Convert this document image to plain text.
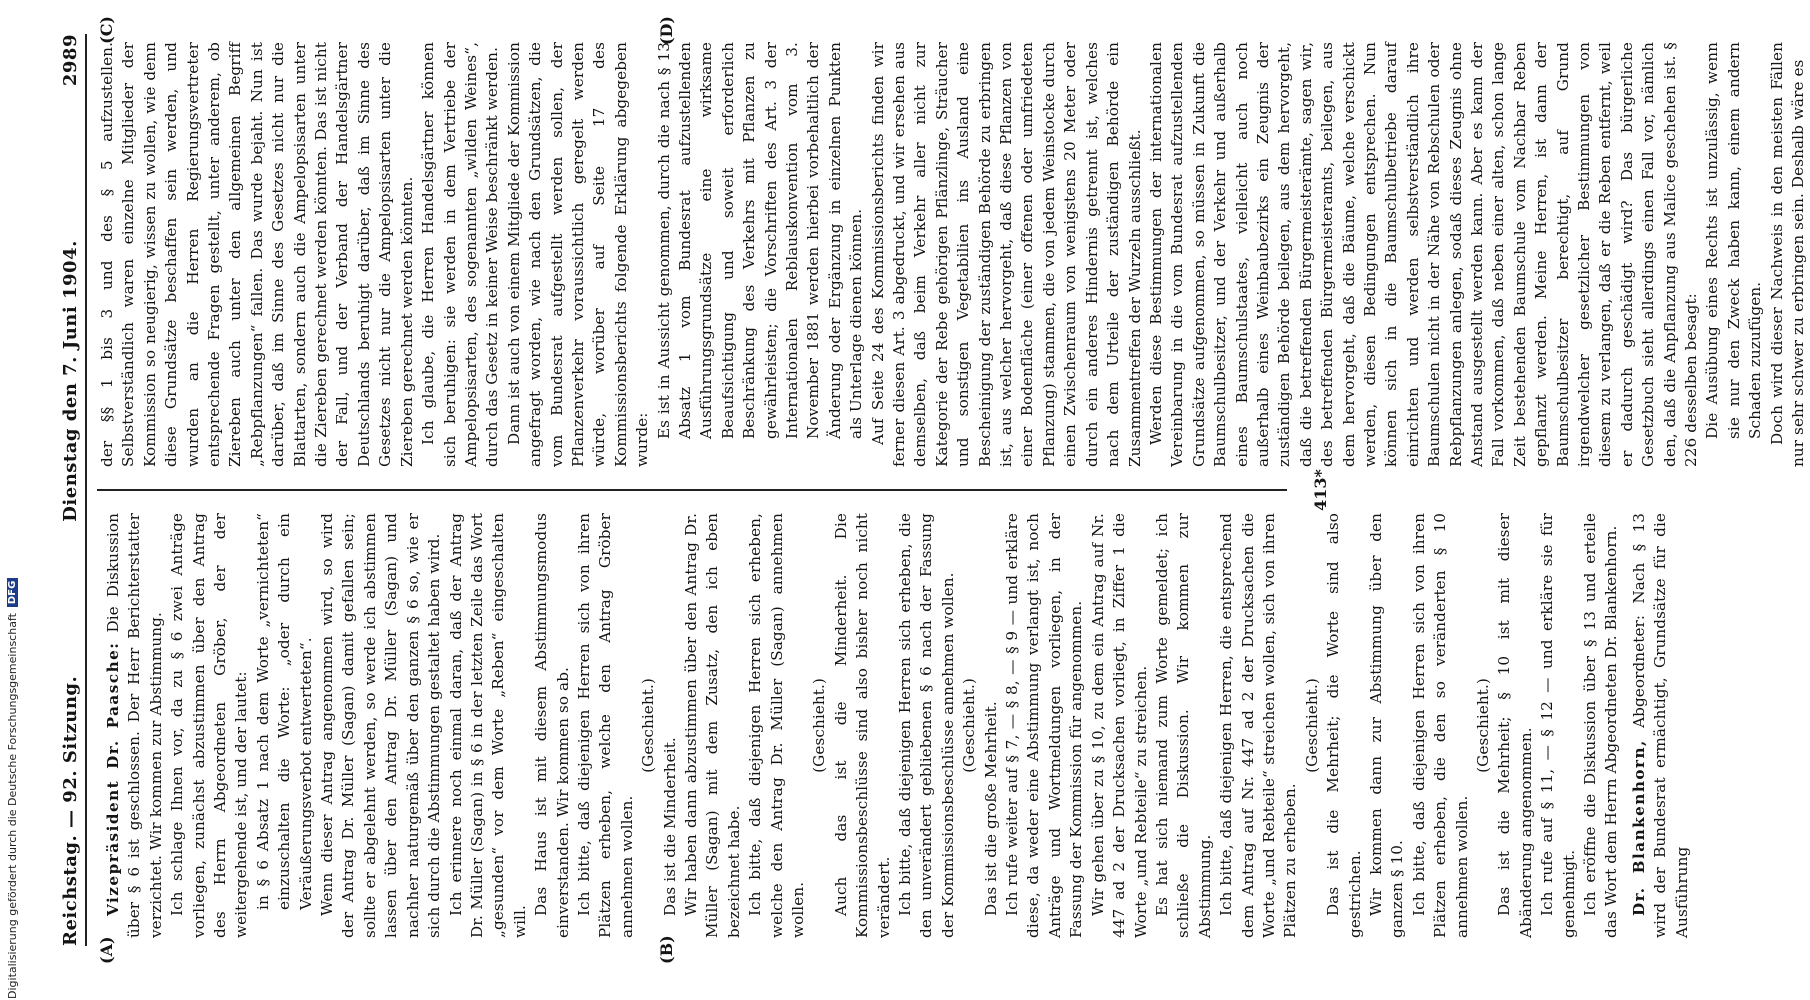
Reichstag. — 92. Sitzung.
Dienstag den 7. Juni 1904.
2989
(A)	(B)
(C)	(D)

Vizepräsident Dr. Paasche: Die Diskussion über § 6 ist geschlossen. Der Herr Berichterstatter verzichtet. Wir kommen zur Abstimmung. Ich schlage Ihnen vor, da zu § 6 zwei Anträge vorliegen, zunächst abzustimmen über den Antrag des Herrn Abgeordneten Gröber, der der weitergehende ist, und der lautet: in § 6 Absatz 1 nach dem Worte „vernichteten“ einzuschalten die Worte: „oder durch ein Veräußerungsverbot entwerteten“. Wenn dieser Antrag angenommen wird, so wird der Antrag Dr. Müller (Sagan) damit gefallen sein; sollte er abgelehnt werden, so werde ich abstimmen lassen über den Antrag Dr. Müller (Sagan) und nachher naturgemäß über den ganzen § 6 so, wie er sich durch die Abstimmungen gestaltet haben wird. Ich erinnere noch einmal daran, daß der Antrag Dr. Müller (Sagan) in § 6 in der letzten Zeile das Wort „gesunden“ vor dem Worte „Reben“ eingeschalten will.

Das Haus ist mit diesem Abstimmungsmodus einverstanden. Wir kommen so ab. Ich bitte, daß diejenigen Herren sich von ihren Plätzen erheben, welche den Antrag Gröber annehmen wollen.

(Geschieht.)

Das ist die Minderheit. Wir haben dann abzustimmen über den Antrag Dr. Müller (Sagan) mit dem Zusatz, den ich eben bezeichnet habe. Ich bitte, daß diejenigen Herren sich erheben, welche den Antrag Dr. Müller (Sagan) annehmen wollen.

(Geschieht.) Auch das ist die Minderheit. Die Kommissionsbeschlüsse sind also bisher noch nicht verändert. Ich bitte, daß diejenigen Herren sich erheben, die den unverändert gebliebenen § 6 nach der Fassung der Kommissionsbeschlüsse annehmen wollen. (Geschieht.) Das ist die große Mehrheit. Ich rufe weiter auf § 7, — § 8, — § 9 — und erkläre diese, da weder eine Abstimmung verlangt ist, noch Anträge und Wortmeldungen vorliegen, in der Fassung der Kommission für angenommen. Wir gehen über zu § 10, zu dem ein Antrag auf Nr. 447 ad 2 der Drucksachen vorliegt, in Ziffer 1 die Worte „und Rebteile“ zu streichen. Es hat sich niemand zum Worte gemeldet; ich schließe die Diskussion. Wir kommen zur Abstimmung. Ich bitte, daß diejenigen Herren, die entsprechend dem Antrag auf Nr. 447 ad 2 der Drucksachen die Worte „und Rebteile“ streichen wollen, sich von ihren Plätzen zu erheben.

(Geschieht.) Das ist die Mehrheit; die Worte sind also gestrichen. Wir kommen dann zur Abstimmung über den ganzen § 10. Ich bitte, daß diejenigen Herren sich von ihren Plätzen erheben, die den so veränderten § 10 annehmen wollen.

(Geschieht.) Das ist die Mehrheit; § 10 ist mit dieser Abänderung angenommen. Ich rufe auf § 11, — § 12 — und erkläre sie für genehmigt. Ich eröffne die Diskussion über § 13 und erteile das Wort dem Herrn Abgeordneten Dr. Blankenhorn. Dr. Blankenhorn, Abgeordneter: Nach § 13 wird der Bundesrat ermächtigt, Grundsätze für die Ausführung

der §§ 1 bis 3 und des § 5 aufzustellen. Selbstverständlich waren einzelne Mitglieder der Kommission so neugierig, wissen zu wollen, wie denn diese Grundsätze beschaffen sein werden, und wurden an die Herren Regierungsvertreter entsprechende Fragen gestellt, unter anderem, ob Ziereben auch unter den allgemeinen Begriff „Rebpflanzungen“ fallen. Das wurde bejaht. Nun ist darüber, daß im Sinne des Gesetzes nicht nur die Blattarten, sondern auch die Ampelopsisarten unter die Ziereben gerechnet werden könnten. Das ist nicht der Fall, und der Verband der Handelsgärtner Deutschlands beruhigt darüber, daß im Sinne des Gesetzes nicht nur die Ampelopsisarten unter die Ziereben gerechnet werden könnten. Ich glaube, die Herren Handelsgärtner können sich beruhigen: sie werden in dem Vertriebe der Ampelopsisarten, des sogenannten „wilden Weines“, durch das Gesetz in keiner Weise beschränkt werden. Dann ist auch von einem Mitgliede der Kommission angefragt worden, wie nach den Grundsätzen, die vom Bundesrat aufgestellt werden sollen, der Pflanzenverkehr voraussichtlich geregelt werden würde, worüber auf Seite 17 des Kommissionsberichts folgende Erklärung abgegeben wurde:

Es ist in Aussicht genommen, durch die nach § 13 Absatz 1 vom Bundesrat aufzustellenden Ausführungsgrundsätze eine wirksame Beaufsichtigung und soweit erforderlich Beschränkung des Verkehrs mit Pflanzen zu gewährleisten; die Vorschriften des Art. 3 der Internationalen Reblauskonvention vom 3. November 1881 werden hierbei vorbehaltlich der Änderung oder Ergänzung in einzelnen Punkten als Unterlage dienen können. Auf Seite 24 des Kommissionsberichts finden wir ferner diesen Art. 3 abgedruckt, und wir ersehen aus demselben, daß beim Verkehr aller nicht zur Kategorie der Rebe gehörigen Pflänzlinge, Sträucher und sonstigen Vegetabilien ins Ausland eine Bescheinigung der zuständigen Behörde zu erbringen ist, aus welcher hervorgeht, daß diese Pflanzen von einer Bodenfläche (einer offenen oder umfriedeten Pflanzung) stammen, die von jedem Weinstocke durch einen Zwischenraum von wenigstens 20 Meter oder durch ein anderes Hindernis getrennt ist, welches nach dem Urteile der zuständigen Behörde ein Zusammentreffen der Wurzeln ausschließt. Werden diese Bestimmungen der internationalen Vereinbarung in die vom Bundesrat aufzustellenden Grundsätze aufgenommen, so müssen in Zukunft die Baumschulbesitzer, und der Verkehr und außerhalb eines Baumschulstaates, vielleicht auch noch außerhalb eines Weinbaubezirks ein Zeugnis der zuständigen Behörde beilegen, aus dem hervorgeht, daß die betreffenden Bürgermeisterämte, sagen wir, des betreffenden Bürgermeisteramts, beilegen, aus dem hervorgeht, daß die Bäume, welche verschickt werden, diesen Bedingungen entsprechen. Nun können sich in die Baumschulbetriebe darauf einrichten und werden selbstverständlich ihre Baumschulen nicht in der Nähe von Rebschulen oder Rebpflanzungen anlegen, sodaß dieses Zeugnis ohne Anstand ausgestellt werden kann. Aber es kann der Fall vorkommen, daß neben einer alten, schon lange Zeit bestehenden Baumschule vom Nachbar Reben gepflanzt werden. Meine Herren, ist dann der Baumschulbesitzer berechtigt, auf Grund irgendwelcher gesetzlicher Bestimmungen von diesem zu verlangen, daß er die Reben entfernt, weil er dadurch geschädigt wird? Das bürgerliche Gesetzbuch sieht allerdings einen Fall vor, nämlich den, daß die Anpflanzung aus Malice geschehen ist. § 226 desselben besagt: Die Ausübung eines Rechts ist unzulässig, wenn sie nur den Zweck haben kann, einem andern Schaden zuzufügen. Doch wird dieser Nachweis in den meisten Fällen nur sehr schwer zu erbringen sein. Deshalb wäre es

413*
Digitalisierung gefördert durch die Deutsche Forschungsgemeinschaft
DFG
